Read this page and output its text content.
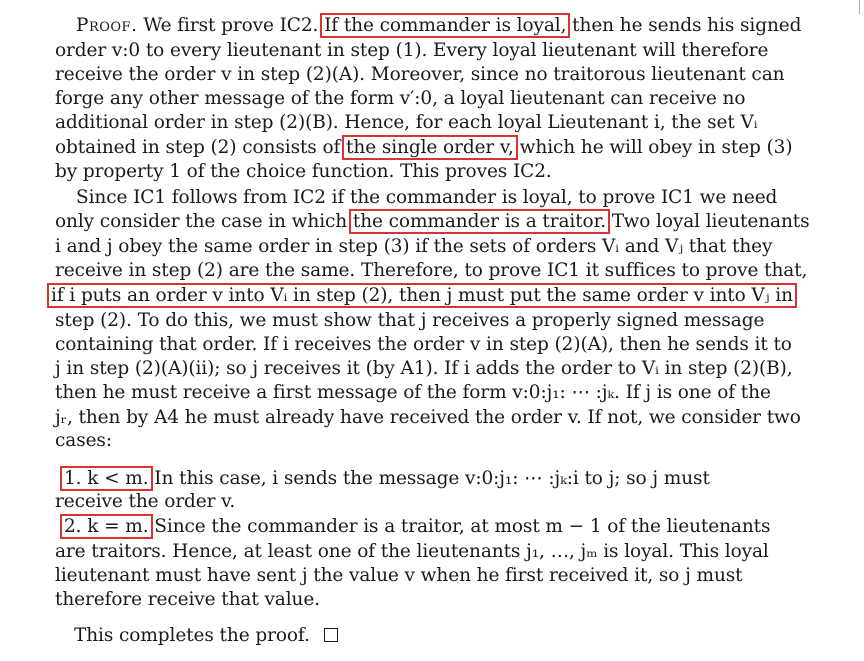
Proof. We first prove IC2. If the commander is loyal, then he sends his signed
order v:0 to every lieutenant in step (1). Every loyal lieutenant will therefore
receive the order v in step (2)(A). Moreover, since no traitorous lieutenant can
forge any other message of the form v′:0, a loyal lieutenant can receive no
additional order in step (2)(B). Hence, for each loyal Lieutenant i, the set Vᵢ
obtained in step (2) consists of the single order v, which he will obey in step (3)
by property 1 of the choice function. This proves IC2.
Since IC1 follows from IC2 if the commander is loyal, to prove IC1 we need
only consider the case in which the commander is a traitor. Two loyal lieutenants
i and j obey the same order in step (3) if the sets of orders Vᵢ and Vⱼ that they
receive in step (2) are the same. Therefore, to prove IC1 it suffices to prove that,
if i puts an order v into Vᵢ in step (2), then j must put the same order v into Vⱼ in
step (2). To do this, we must show that j receives a properly signed message
containing that order. If i receives the order v in step (2)(A), then he sends it to
j in step (2)(A)(ii); so j receives it (by A1). If i adds the order to Vᵢ in step (2)(B),
then he must receive a first message of the form v:0:j₁: ⋯ :jₖ. If j is one of the
jᵣ, then by A4 he must already have received the order v. If not, we consider two
cases:
1. k < m. In this case, i sends the message v:0:j₁: ⋯ :jₖ:i to j; so j must
receive the order v.
2. k = m. Since the commander is a traitor, at most m − 1 of the lieutenants
are traitors. Hence, at least one of the lieutenants j₁, …, jₘ is loyal. This loyal
lieutenant must have sent j the value v when he first received it, so j must
therefore receive that value.
This completes the proof.
